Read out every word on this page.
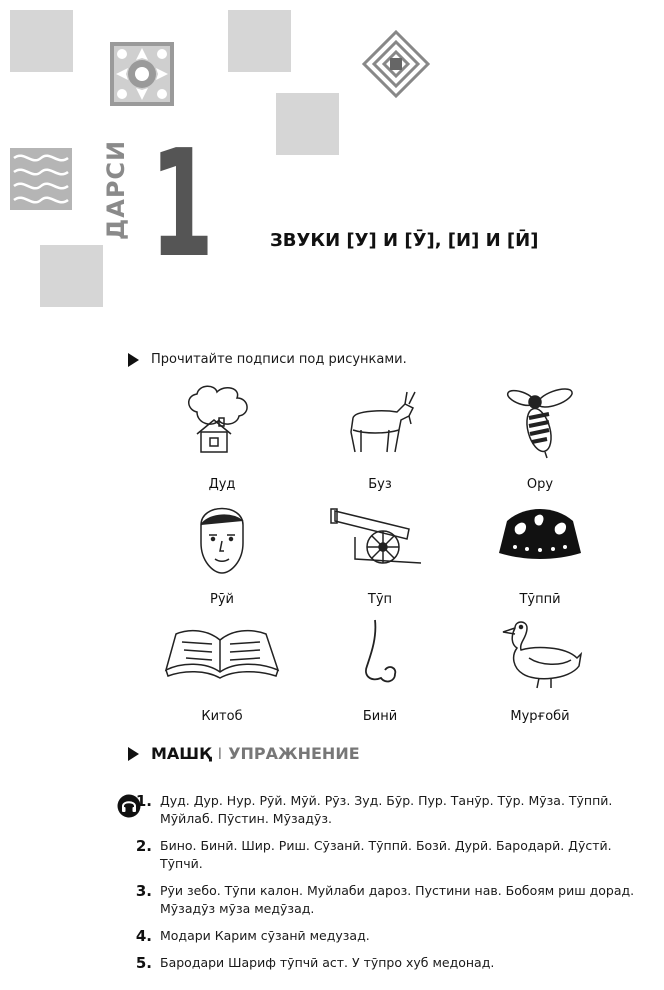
ДАРСИ 1	ЗВУКИ [У] И [Ӯ], [И] И [Ӣ]
Прочитайте подписи под рисунками.
Дуд	Буз	Ору
Рӯй	Тӯп	Тӯппӣ
Китоб	Бинӣ	Мурғобӣ
МАШҚ I УПРАЖНЕНИЕ
1. Дуд. Дур. Нур. Рӯй. Мӯй. Рӯз. Зуд. Бӯр. Пур. Танӯр. Тӯр. Мӯза. Тӯппӣ. Мӯйлаб. Пӯстин. Мӯзадӯз.
2. Бино. Бинӣ. Шир. Риш. Сӯзанӣ. Тӯппӣ. Бозӣ. Дурӣ. Бародарӣ. Дӯстӣ. Тӯпчӣ.
3. Рӯи зебо. Тӯпи калон. Муйлаби дароз. Пустини нав. Бобоям риш дорад. Мӯзадӯз мӯза медӯзад.
4. Модари Карим сӯзанӣ медузад.
5. Бародари Шариф тӯпчӣ аст. У тӯпро хуб медонад.
